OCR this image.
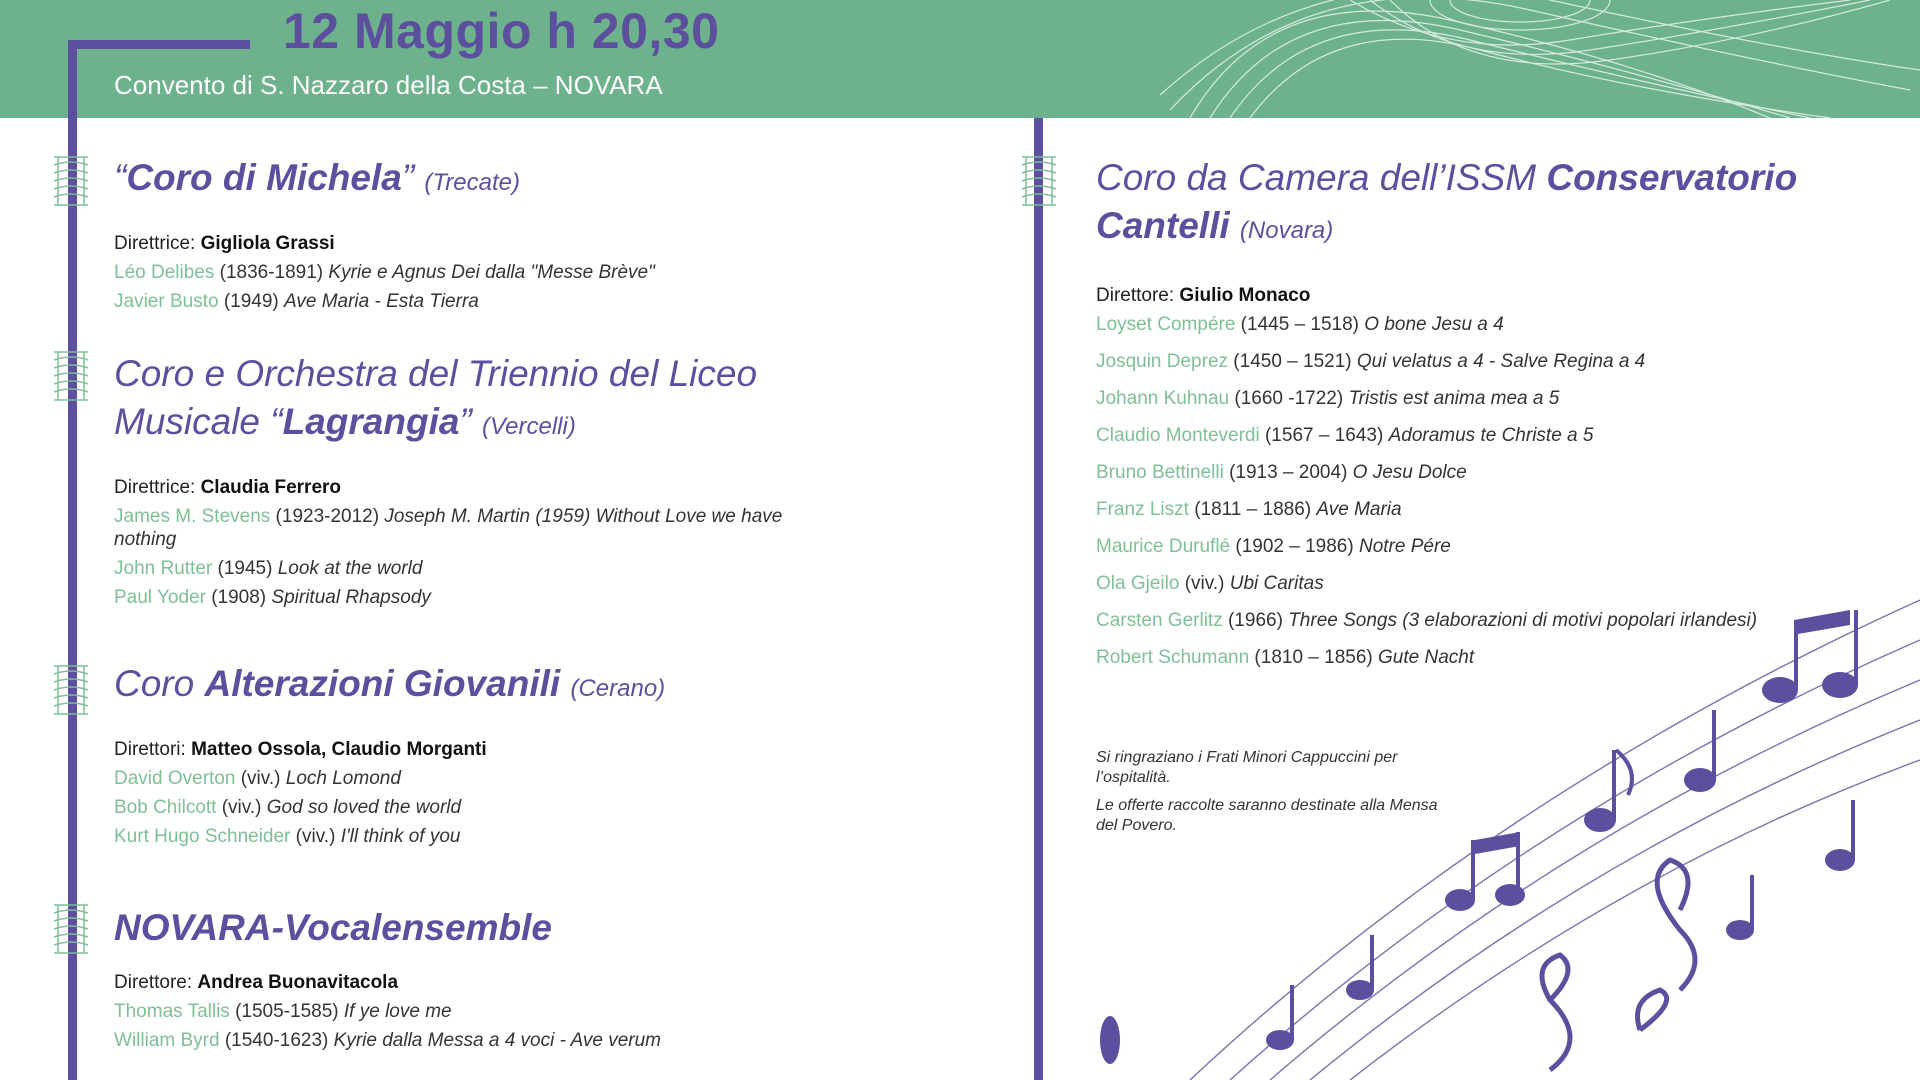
12 Maggio h 20,30
Convento di S. Nazzaro della Costa – NOVARA
“Coro di Michela” (Trecate)
Direttrice: Gigliola Grassi
Léo Delibes (1836-1891) Kyrie e Agnus Dei dalla "Messe Brève"
Javier Busto (1949) Ave Maria - Esta Tierra
Coro e Orchestra del Triennio del Liceo Musicale “Lagrangia” (Vercelli)
Direttrice: Claudia Ferrero
James M. Stevens (1923-2012) Joseph M. Martin (1959) Without Love we have nothing
John Rutter (1945) Look at the world
Paul Yoder (1908) Spiritual Rhapsody
Coro Alterazioni Giovanili (Cerano)
Direttori: Matteo Ossola, Claudio Morganti
David Overton (viv.) Loch Lomond
Bob Chilcott (viv.) God so loved the world
Kurt Hugo Schneider (viv.) I'll think of you
NOVARA-Vocalensemble
Direttore: Andrea Buonavitacola
Thomas Tallis (1505-1585) If ye love me
William Byrd (1540-1623) Kyrie dalla Messa a 4 voci - Ave verum
Coro da Camera dell’ISSM Conservatorio Cantelli (Novara)
Direttore: Giulio Monaco
Loyset Compére (1445 – 1518) O bone Jesu a 4
Josquin Deprez (1450 – 1521) Qui velatus a 4 - Salve Regina a 4
Johann Kuhnau (1660 -1722) Tristis est anima mea a 5
Claudio Monteverdi (1567 – 1643) Adoramus te Christe a 5
Bruno Bettinelli (1913 – 2004) O Jesu Dolce
Franz Liszt (1811 – 1886) Ave Maria
Maurice Duruflé (1902 – 1986) Notre Pére
Ola Gjeilo (viv.) Ubi Caritas
Carsten Gerlitz (1966) Three Songs (3 elaborazioni di motivi popolari irlandesi)
Robert Schumann (1810 – 1856) Gute Nacht

Si ringraziano i Frati Minori Cappuccini per l’ospitalità.

Le offerte raccolte saranno destinate alla Mensa del Povero.
